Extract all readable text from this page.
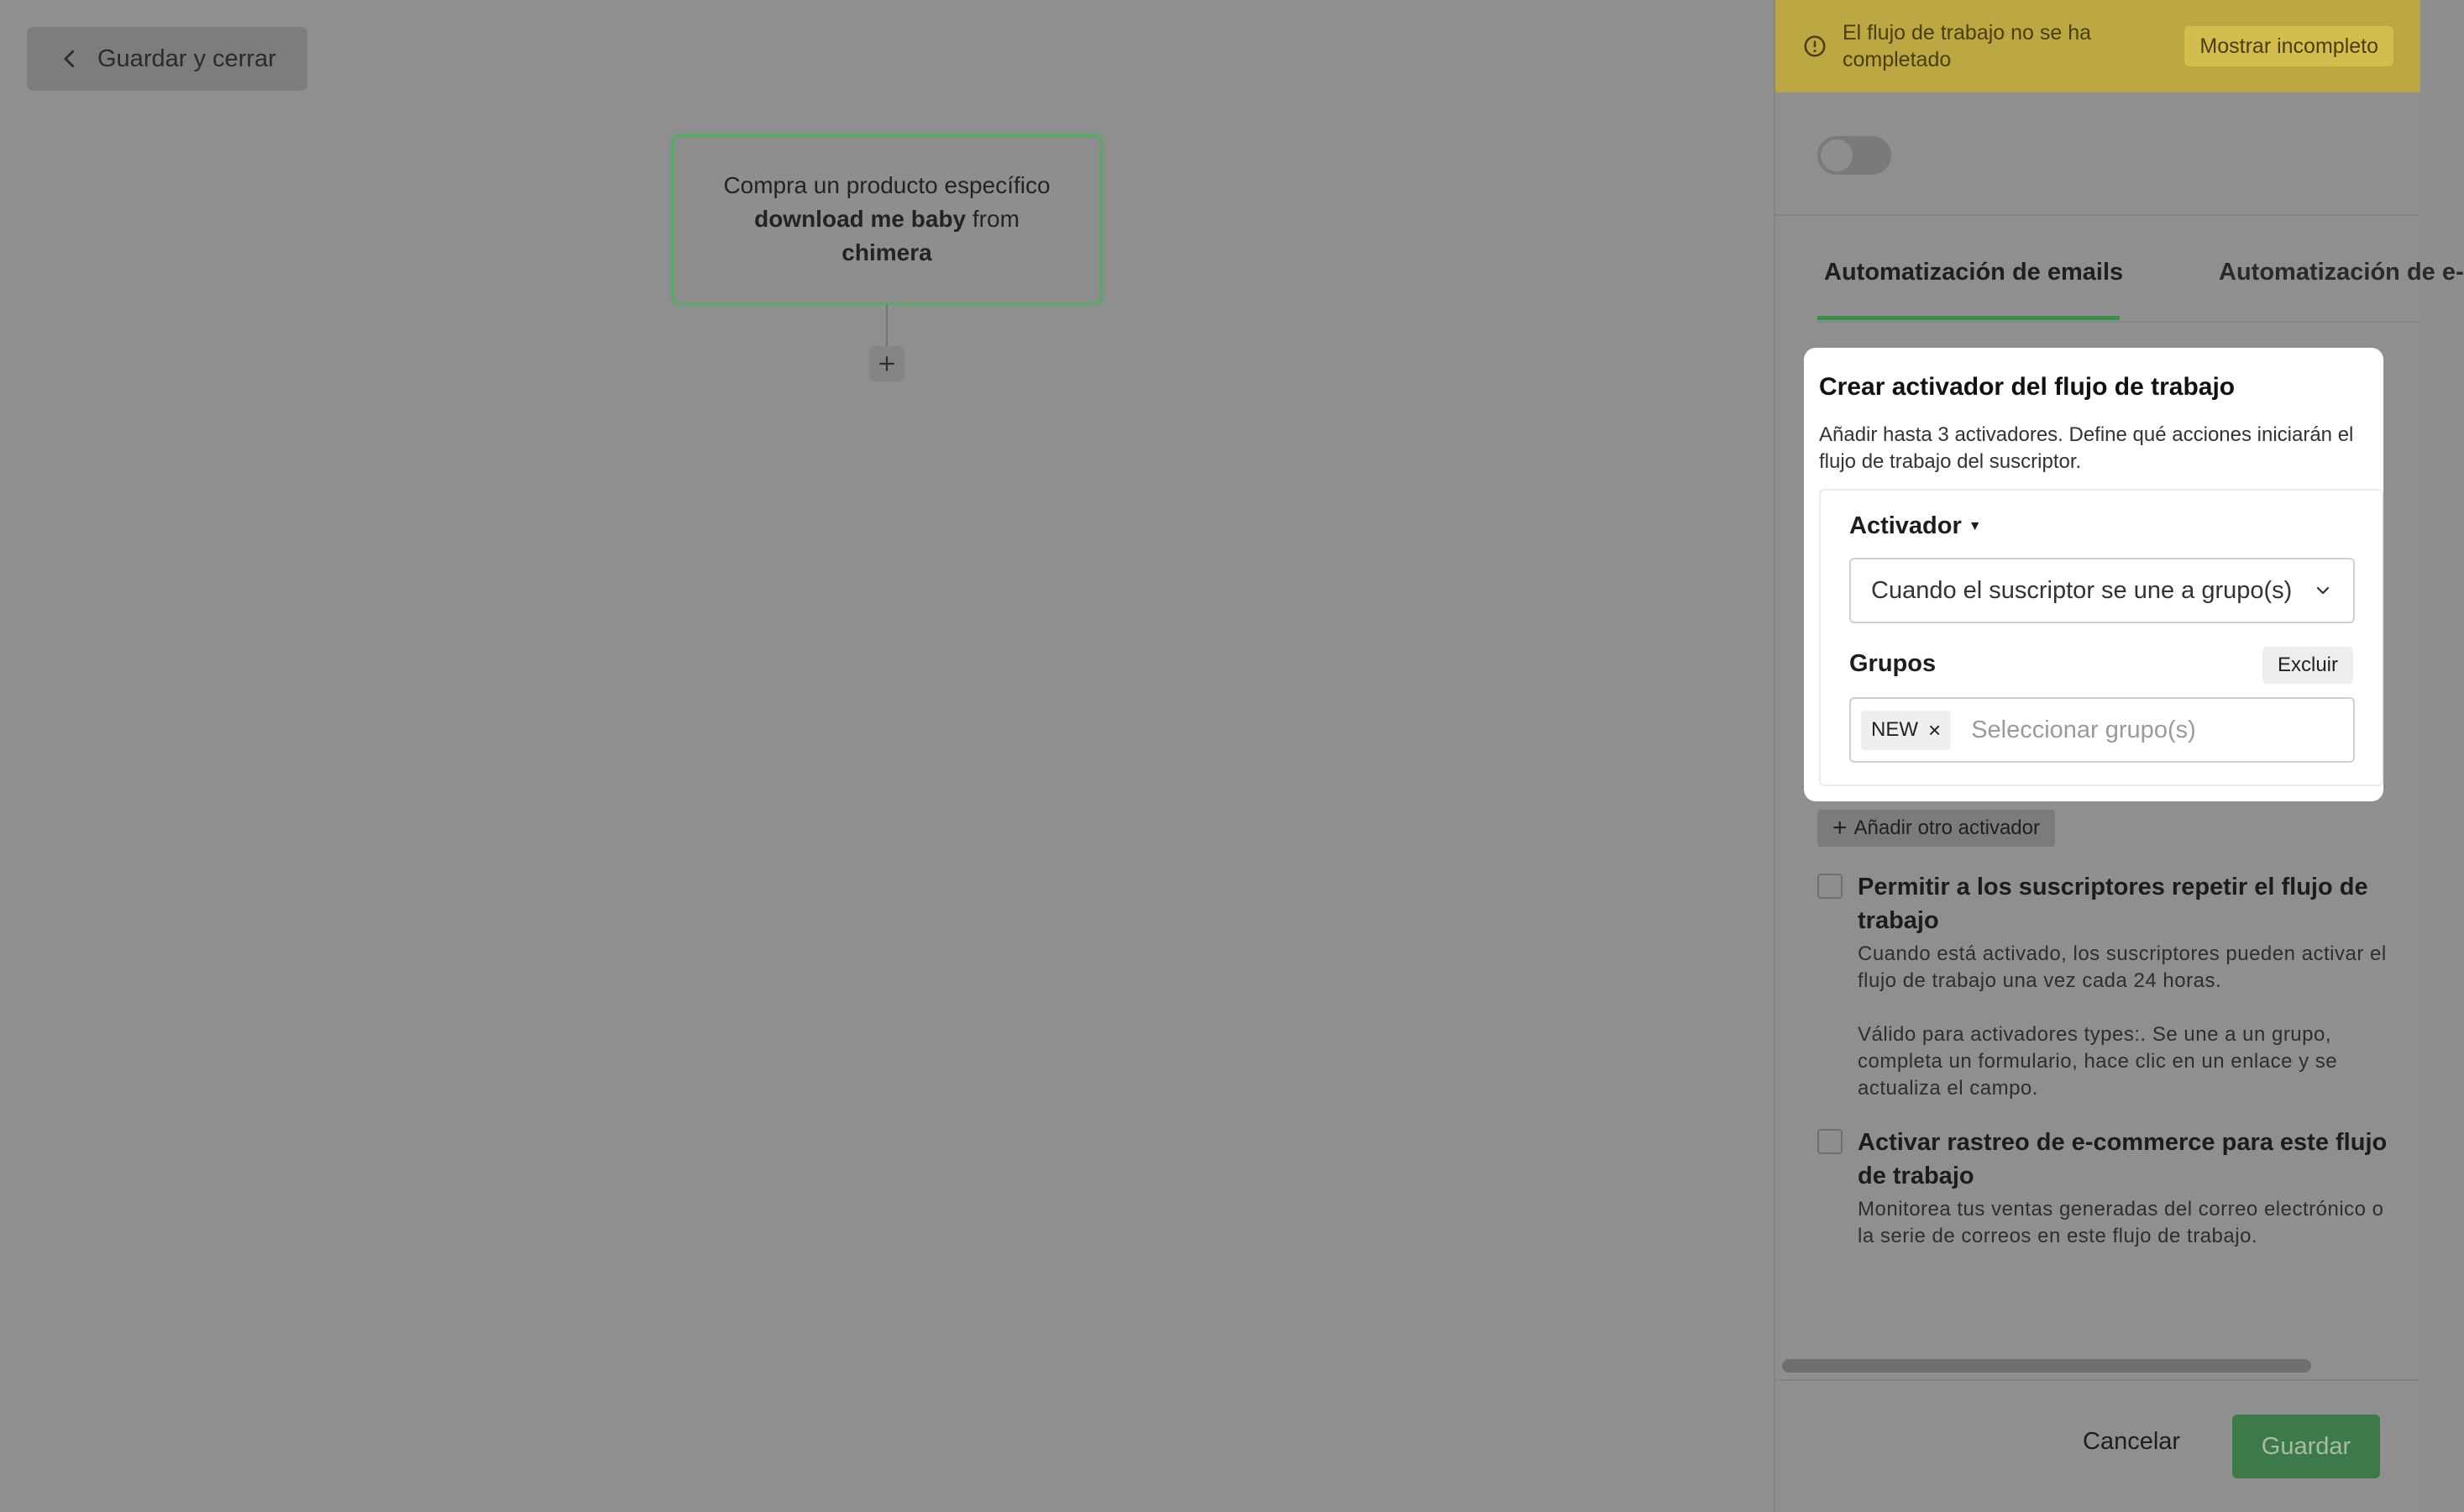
Guardar y cerrar
Compra un producto específico download me baby from chimera
El flujo de trabajo no se ha completado
Mostrar incompleto
Automatización de emails	Automatización de e-
Crear activador del flujo de trabajo
Añadir hasta 3 activadores. Define qué acciones iniciarán el flujo de trabajo del suscriptor.
Activador ▼
Cuando el suscriptor se une a grupo(s)
Grupos	Excluir
NEW × Seleccionar grupo(s)
+ Añadir otro activador
Permitir a los suscriptores repetir el flujo de trabajo
Cuando está activado, los suscriptores pueden activar el flujo de trabajo una vez cada 24 horas.
Válido para activadores types:. Se une a un grupo, completa un formulario, hace clic en un enlace y se actualiza el campo.
Activar rastreo de e-commerce para este flujo de trabajo
Monitorea tus ventas generadas del correo electrónico o la serie de correos en este flujo de trabajo.
Cancelar	Guardar
